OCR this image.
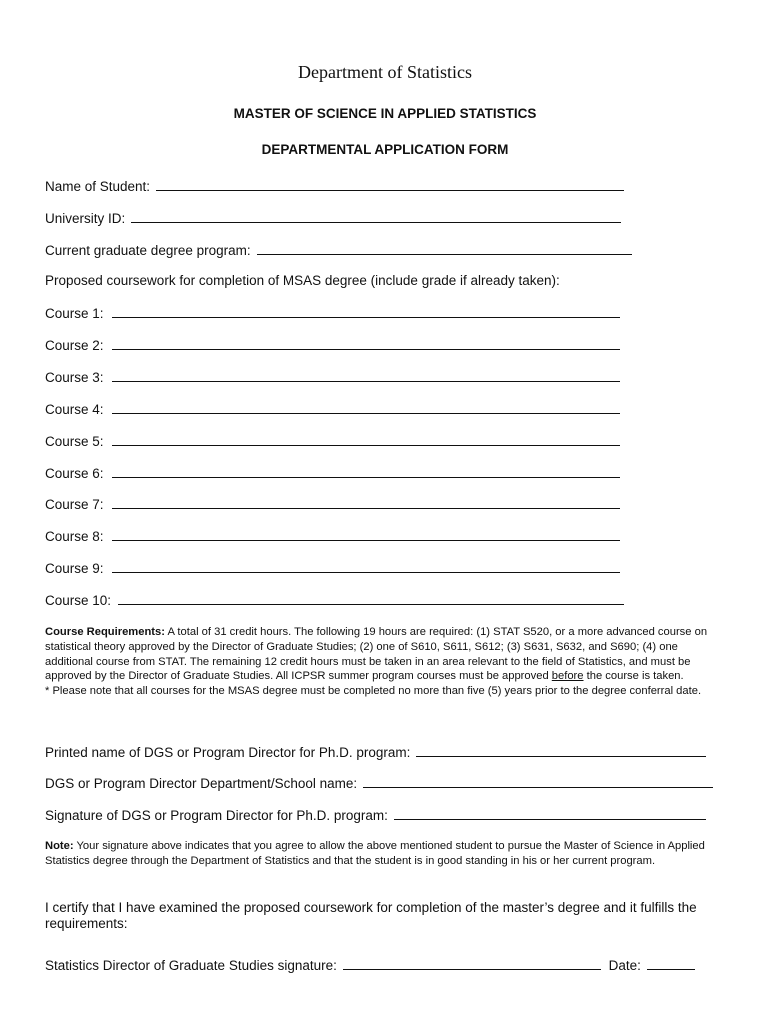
Department of Statistics
MASTER OF SCIENCE IN APPLIED STATISTICS
DEPARTMENTAL APPLICATION FORM
Name of Student:
University ID:
Current graduate degree program:
Proposed coursework for completion of MSAS degree (include grade if already taken):
Course 1:
Course 2:
Course 3:
Course 4:
Course 5:
Course 6:
Course 7:
Course 8:
Course 9:
Course 10:
Course Requirements: A total of 31 credit hours. The following 19 hours are required: (1) STAT S520, or a more advanced course on statistical theory approved by the Director of Graduate Studies; (2) one of S610, S611, S612; (3) S631, S632, and S690; (4) one additional course from STAT. The remaining 12 credit hours must be taken in an area relevant to the field of Statistics, and must be approved by the Director of Graduate Studies. All ICPSR summer program courses must be approved before the course is taken.
* Please note that all courses for the MSAS degree must be completed no more than five (5) years prior to the degree conferral date.
Printed name of DGS or Program Director for Ph.D. program:
DGS or Program Director Department/School name:
Signature of DGS or Program Director for Ph.D. program:
Note: Your signature above indicates that you agree to allow the above mentioned student to pursue the Master of Science in Applied Statistics degree through the Department of Statistics and that the student is in good standing in his or her current program.
I certify that I have examined the proposed coursework for completion of the master’s degree and it fulfills the requirements:
Statistics Director of Graduate Studies signature:	Date:
